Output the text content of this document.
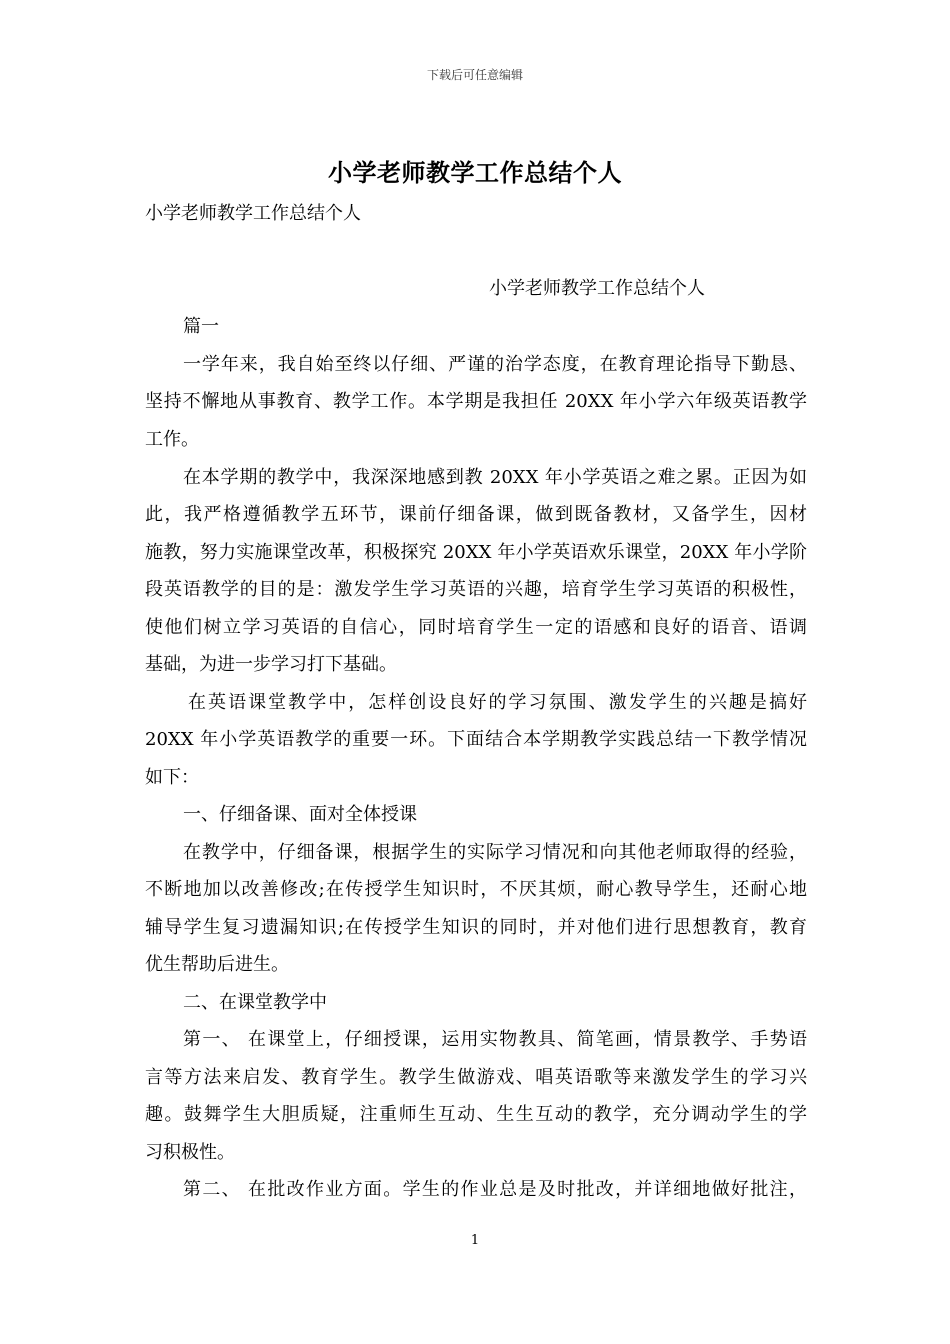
下载后可任意编辑
小学老师教学工作总结个人
小学老师教学工作总结个人
小学老师教学工作总结个人
篇一
一学年来，我自始至终以仔细、严谨的治学态度，在教育理论指导下勤恳、
坚持不懈地从事教育、教学工作。本学期是我担任 20XX 年小学六年级英语教学
工作。
在本学期的教学中，我深深地感到教 20XX 年小学英语之难之累。正因为如
此，我严格遵循教学五环节，课前仔细备课，做到既备教材，又备学生，因材
施教，努力实施课堂改革，积极探究 20XX 年小学英语欢乐课堂，20XX 年小学阶
段英语教学的目的是：激发学生学习英语的兴趣，培育学生学习英语的积极性，
使他们树立学习英语的自信心，同时培育学生一定的语感和良好的语音、语调
基础，为进一步学习打下基础。
在英语课堂教学中，怎样创设良好的学习氛围、激发学生的兴趣是搞好
20XX 年小学英语教学的重要一环。下面结合本学期教学实践总结一下教学情况
如下：
一、仔细备课、面对全体授课
在教学中，仔细备课，根据学生的实际学习情况和向其他老师取得的经验，
不断地加以改善修改;在传授学生知识时，不厌其烦，耐心教导学生，还耐心地
辅导学生复习遗漏知识;在传授学生知识的同时，并对他们进行思想教育，教育
优生帮助后进生。
二、在课堂教学中
第一、 在课堂上，仔细授课，运用实物教具、简笔画，情景教学、手势语
言等方法来启发、教育学生。教学生做游戏、唱英语歌等来激发学生的学习兴
趣。鼓舞学生大胆质疑，注重师生互动、生生互动的教学，充分调动学生的学
习积极性。
第二、 在批改作业方面。学生的作业总是及时批改，并详细地做好批注，
1
